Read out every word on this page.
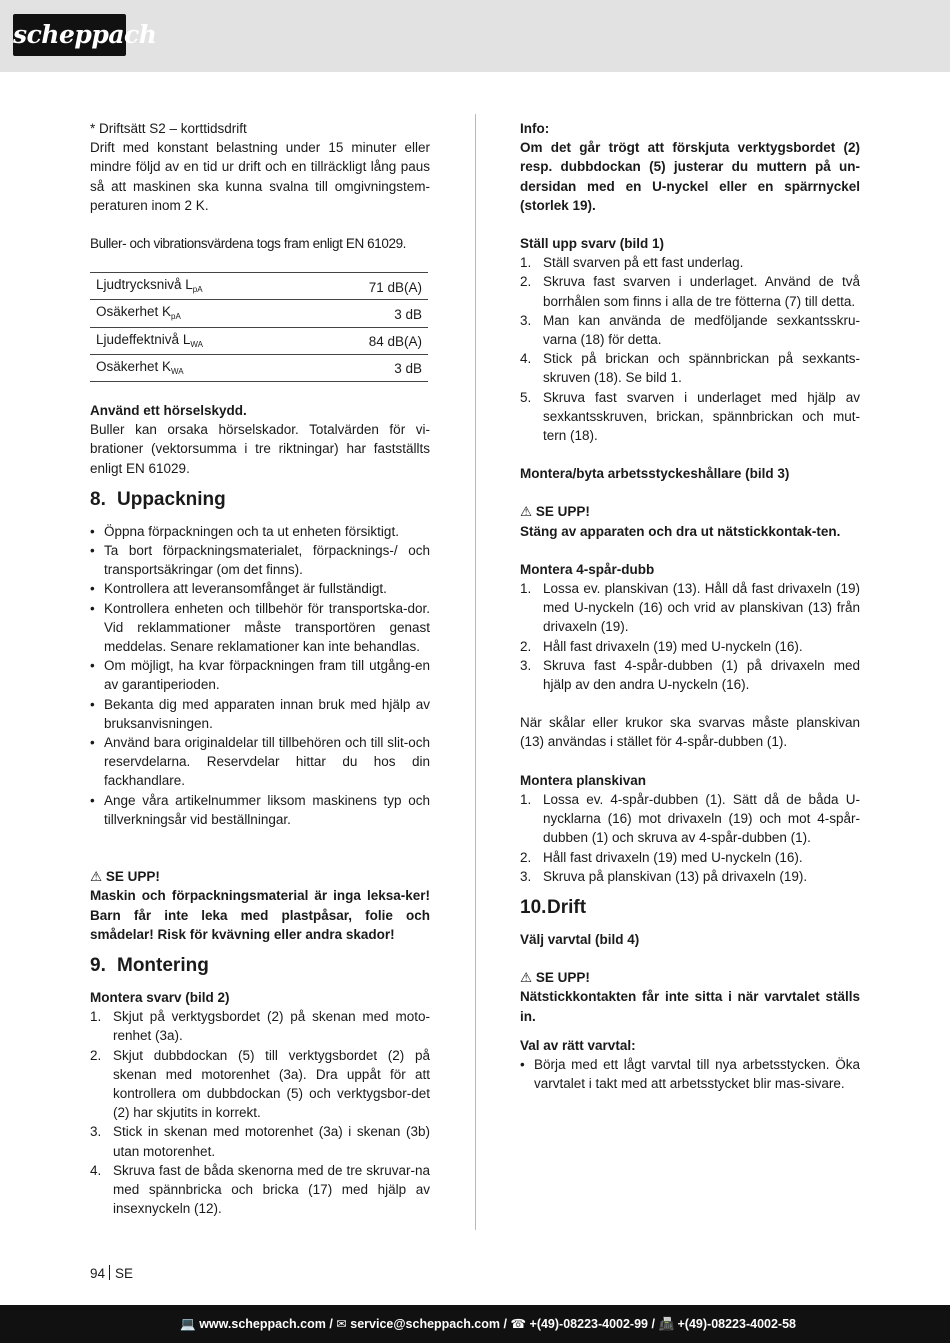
scheppach

* Driftsätt S2 – korttidsdrift

Drift med konstant belastning under 15 minuter eller mindre följd av en tid ur drift och en tillräckligt lång paus så att maskinen ska kunna svalna till omgivningstem-peraturen inom 2 K.

Buller- och vibrationsvärdena togs fram enligt EN 61029.

Ljudtrycksnivå $L_{pA}$	71 dB(A)
Osäkerhet $K_{pA}$	3 dB
Ljudeffektnivå $L_{WA}$	84 dB(A)
Osäkerhet $K_{WA}$	3 dB

Använd ett hörselskydd.

Buller kan orsaka hörselskador. Totalvärden för vi-brationer (vektorsumma i tre riktningar) har fastställts enligt EN 61029.

8. Uppackning
• Öppna förpackningen och ta ut enheten försiktigt.
• Ta bort förpackningsmaterialet, förpacknings-/ och transportsäkringar (om det finns).
• Kontrollera att leveransomfånget är fullständigt.
• Kontrollera enheten och tillbehör för transportska-dor. Vid reklammationer måste transportören genast meddelas. Senare reklamationer kan inte behandlas.
• Om möjligt, ha kvar förpackningen fram till utgång-en av garantiperioden.
• Bekanta dig med apparaten innan bruk med hjälp av bruksanvisningen.
• Använd bara originaldelar till tillbehören och till slit-och reservdelarna. Reservdelar hittar du hos din fackhandlare.
• Ange våra artikelnummer liksom maskinens typ och tillverkningsår vid beställningar.

⚠ SE UPP!

Maskin och förpackningsmaterial är inga leksa-ker! Barn får inte leka med plastpåsar, folie och smådelar! Risk för kvävning eller andra skador!

9. Montering

Montera svarv (bild 2)

1. Skjut på verktygsbordet (2) på skenan med moto-renhet (3a).
2. Skjut dubbdockan (5) till verktygsbordet (2) på skenan med motorenhet (3a). Dra uppåt för att kontrollera om dubbdockan (5) och verktygsbor-det (2) har skjutits in korrekt.
3. Stick in skenan med motorenhet (3a) i skenan (3b) utan motorenhet.
4. Skruva fast de båda skenorna med de tre skruvar-na med spännbricka och bricka (17) med hjälp av insexnyckeln (12).

Info:

Om det går trögt att förskjuta verktygsbordet (2) resp. dubbdockan (5) justerar du muttern på un-dersidan med en U-nyckel eller en spärrnyckel (storlek 19).

Ställ upp svarv (bild 1)

1. Ställ svarven på ett fast underlag.
2. Skruva fast svarven i underlaget. Använd de två borrhålen som finns i alla de tre fötterna (7) till detta.
3. Man kan använda de medföljande sexkantsskru-varna (18) för detta.
4. Stick på brickan och spännbrickan på sexkants-skruven (18). Se bild 1.
5. Skruva fast svarven i underlaget med hjälp av sexkantsskruven, brickan, spännbrickan och mut-tern (18).

Montera/byta arbetsstyckeshållare (bild 3)

⚠ SE UPP!

Stäng av apparaten och dra ut nätstickkontak-ten.

Montera 4-spår-dubb

1. Lossa ev. planskivan (13). Håll då fast drivaxeln (19) med U-nyckeln (16) och vrid av planskivan (13) från drivaxeln (19).
2. Håll fast drivaxeln (19) med U-nyckeln (16).
3. Skruva fast 4-spår-dubben (1) på drivaxeln med hjälp av den andra U-nyckeln (16).

När skålar eller krukor ska svarvas måste planskivan (13) användas i stället för 4-spår-dubben (1).

Montera planskivan

1. Lossa ev. 4-spår-dubben (1). Sätt då de båda U-nycklarna (16) mot drivaxeln (19) och mot 4-spår-dubben (1) och skruva av 4-spår-dubben (1).
2. Håll fast drivaxeln (19) med U-nyckeln (16).
3. Skruva på planskivan (13) på drivaxeln (19).
10.Drift

Välj varvtal (bild 4)

⚠ SE UPP!

Nätstickkontakten får inte sitta i när varvtalet ställs in.

Val av rätt varvtal:

• Börja med ett lågt varvtal till nya arbetsstycken. Öka varvtalet i takt med att arbetsstycket blir mas-sivare.
94 SE
💻 www.scheppach.com / ✉ service@scheppach.com / ☎ +(49)-08223-4002-99 / 📠 +(49)-08223-4002-58
